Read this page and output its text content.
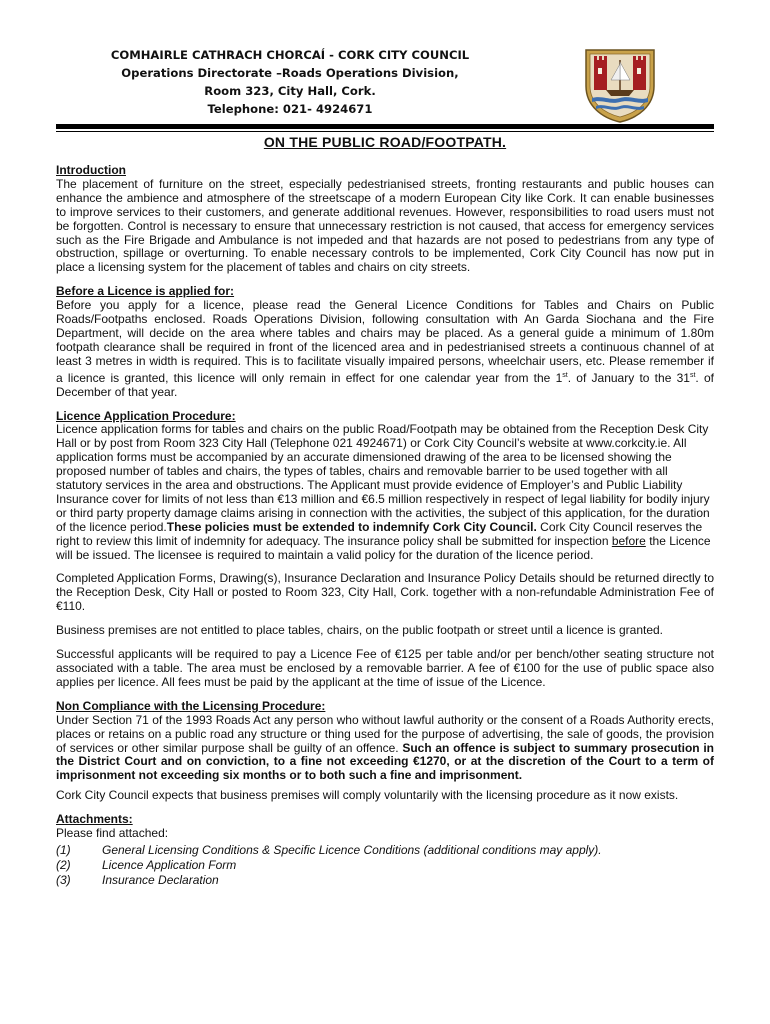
COMHAIRLE CATHRACH CHORCAÍ - CORK CITY COUNCIL
Operations Directorate –Roads Operations Division,
Room 323, City Hall, Cork.
Telephone: 021- 4924671
ON THE PUBLIC ROAD/FOOTPATH.
Introduction

The placement of furniture on the street, especially pedestrianised streets, fronting restaurants and public houses can enhance the ambience and atmosphere of the streetscape of a modern European City like Cork. It can enable businesses to improve services to their customers, and generate additional revenues. However, responsibilities to road users must not be forgotten. Control is necessary to ensure that unnecessary restriction is not caused, that access for emergency services such as the Fire Brigade and Ambulance is not impeded and that hazards are not posed to pedestrians from any type of obstruction, spillage or overturning. To enable necessary controls to be implemented, Cork City Council has now put in place a licensing system for the placement of tables and chairs on city streets.

Before a Licence is applied for:

Before you apply for a licence, please read the General Licence Conditions for Tables and Chairs on Public Roads/Footpaths enclosed. Roads Operations Division, following consultation with An Garda Siochana and the Fire Department, will decide on the area where tables and chairs may be placed. As a general guide a minimum of 1.80m footpath clearance shall be required in front of the licenced area and in pedestrianised streets a continuous channel of at least 3 metres in width is required. This is to facilitate visually impaired persons, wheelchair users, etc. Please remember if a licence is granted, this licence will only remain in effect for one calendar year from the 1st. of January to the 31st. of December of that year.

Licence Application Procedure:

Licence application forms for tables and chairs on the public Road/Footpath may be obtained from the Reception Desk City Hall or by post from Room 323 City Hall (Telephone 021 4924671) or Cork City Council’s website at www.corkcity.ie. All application forms must be accompanied by an accurate dimensioned drawing of the area to be licensed showing the proposed number of tables and chairs, the types of tables, chairs and removable barrier to be used together with all statutory services in the area and obstructions. The Applicant must provide evidence of Employer’s and Public Liability Insurance cover for limits of not less than €13 million and €6.5 million respectively in respect of legal liability for bodily injury or third party property damage claims arising in connection with the activities, the subject of this application, for the duration of the licence period.These policies must be extended to indemnify Cork City Council. Cork City Council reserves the right to review this limit of indemnity for adequacy. The insurance policy shall be submitted for inspection before the Licence will be issued. The licensee is required to maintain a valid policy for the duration of the licence period.

Completed Application Forms, Drawing(s), Insurance Declaration and Insurance Policy Details should be returned directly to the Reception Desk, City Hall or posted to Room 323, City Hall, Cork. together with a non-refundable Administration Fee of €110.

Business premises are not entitled to place tables, chairs, on the public footpath or street until a licence is granted.

Successful applicants will be required to pay a Licence Fee of €125 per table and/or per bench/other seating structure not associated with a table. The area must be enclosed by a removable barrier. A fee of €100 for the use of public space also applies per licence. All fees must be paid by the applicant at the time of issue of the Licence.

Non Compliance with the Licensing Procedure:

Under Section 71 of the 1993 Roads Act any person who without lawful authority or the consent of a Roads Authority erects, places or retains on a public road any structure or thing used for the purpose of advertising, the sale of goods, the provision of services or other similar purpose shall be guilty of an offence. Such an offence is subject to summary prosecution in the District Court and on conviction, to a fine not exceeding €1270, or at the discretion of the Court to a term of imprisonment not exceeding six months or to both such a fine and imprisonment.

Cork City Council expects that business premises will comply voluntarily with the licensing procedure as it now exists.

Attachments:

Please find attached:

(1)	General Licensing Conditions & Specific Licence Conditions (additional conditions may apply).
(2)	Licence Application Form
(3)	Insurance Declaration
